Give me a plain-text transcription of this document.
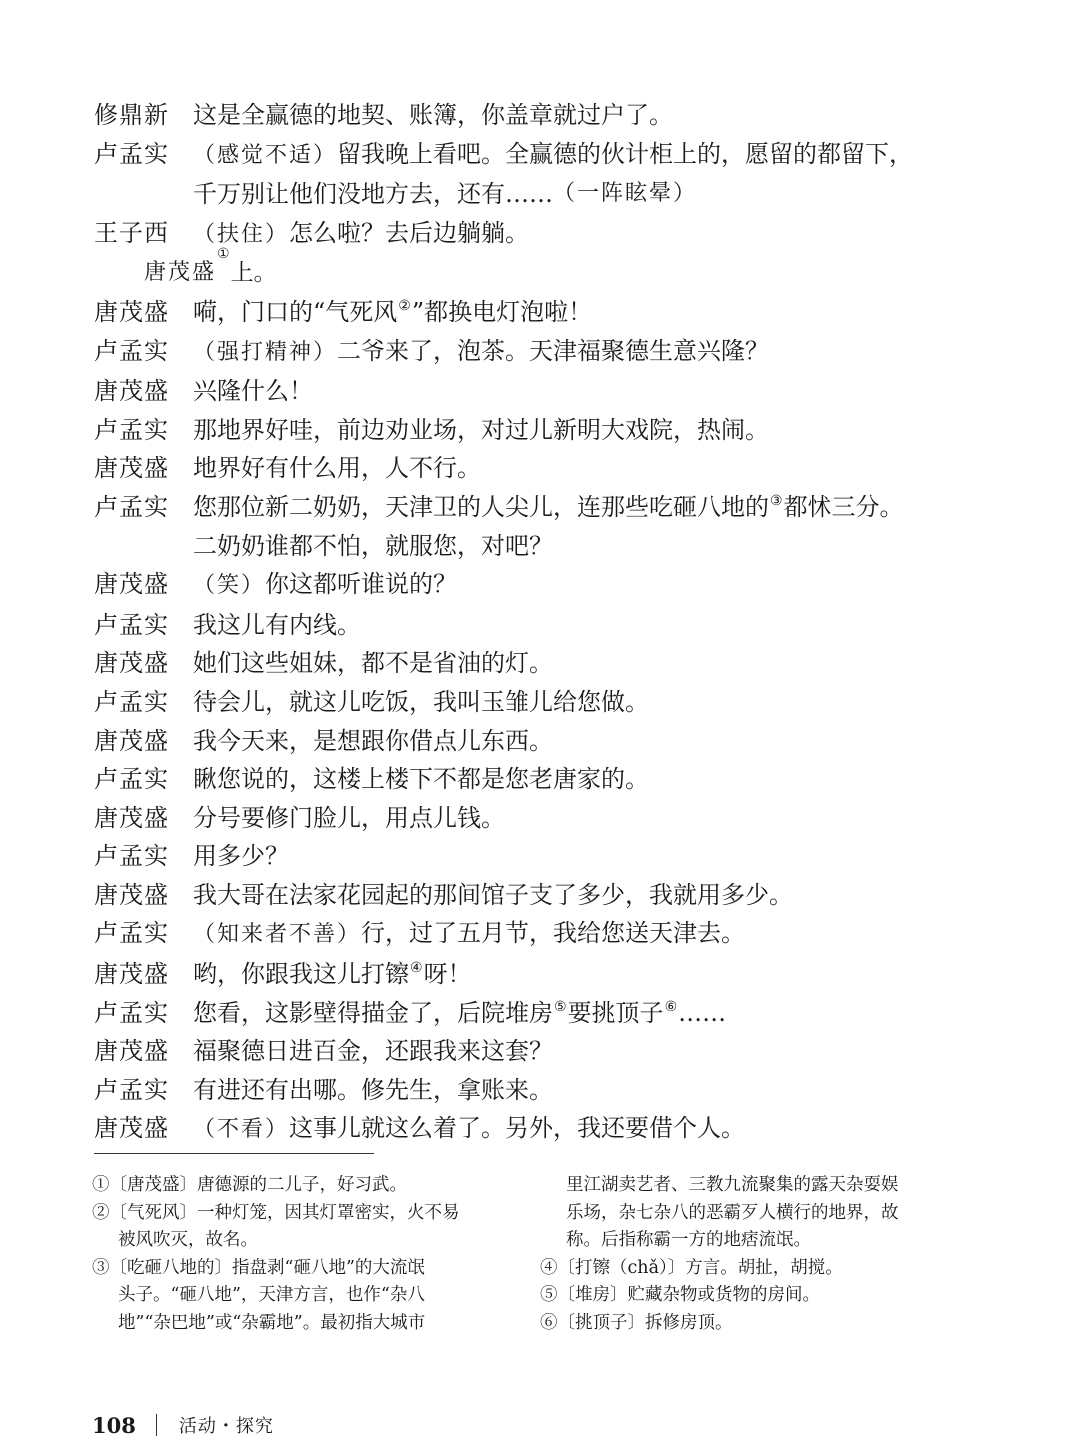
修鼎新	这是全赢德的地契、账簿，你盖章就过户了。
卢孟实	（感觉不适）留我晚上看吧。全赢德的伙计柜上的，愿留的都留下，
千万别让他们没地方去，还有…… （一阵眩晕）
王子西	（扶住）怎么啦？去后边躺躺。
唐茂盛
①
上。
唐茂盛	嗬，门口的“气死风②”都换电灯泡啦！
卢孟实	（强打精神）二爷来了，泡茶。天津福聚德生意兴隆？
唐茂盛	兴隆什么！
卢孟实	那地界好哇，前边劝业场，对过儿新明大戏院，热闹。
唐茂盛	地界好有什么用，人不行。
卢孟实	您那位新二奶奶，天津卫的人尖儿，连那些吃砸八地的③都怵三分。
二奶奶谁都不怕，就服您，对吧？
唐茂盛	（笑）你这都听谁说的？
卢孟实	我这儿有内线。
唐茂盛	她们这些姐妹，都不是省油的灯。
卢孟实	待会儿，就这儿吃饭，我叫玉雏儿给您做。
唐茂盛	我今天来，是想跟你借点儿东西。
卢孟实	瞅您说的，这楼上楼下不都是您老唐家的。
唐茂盛	分号要修门脸儿，用点儿钱。
卢孟实	用多少？
唐茂盛	我大哥在法家花园起的那间馆子支了多少，我就用多少。
卢孟实	（知来者不善）行，过了五月节，我给您送天津去。
唐茂盛	哟，你跟我这儿打镲④呀！
卢孟实	您看，这影壁得描金了，后院堆房⑤要挑顶子⑥……
唐茂盛	福聚德日进百金，还跟我来这套？
卢孟实	有进还有出哪。修先生，拿账来。
唐茂盛	（不看）这事儿就这么着了。另外，我还要借个人。
①〔唐茂盛〕唐德源的二儿子，好习武。
②〔气死风〕一种灯笼，因其灯罩密实，火不易
被风吹灭，故名。
③〔吃砸八地的〕指盘剥“砸八地”的大流氓
头子。“砸八地”，天津方言，也作“杂八
地”“杂巴地”或“杂霸地”。最初指大城市
里江湖卖艺者、三教九流聚集的露天杂耍娱
乐场，杂七杂八的恶霸歹人横行的地界，故
称。后指称霸一方的地痞流氓。
④〔打镲（chǎ）〕方言。胡扯，胡搅。
⑤〔堆房〕贮藏杂物或货物的房间。
⑥〔挑顶子〕拆修房顶。
108 活动・探究
